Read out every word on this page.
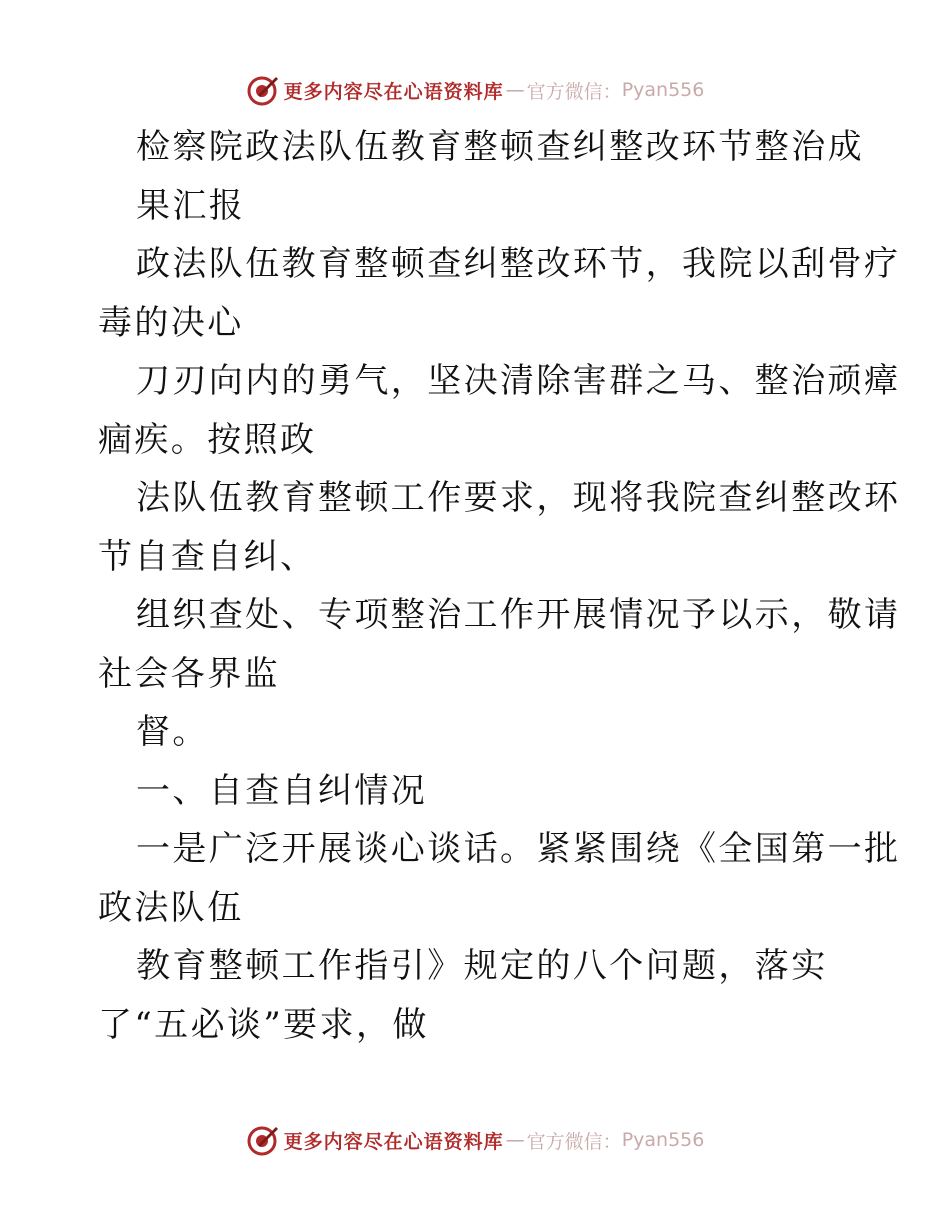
更多内容尽在心语资料库 — 官方微信： Pyan556
检察院政法队伍教育整顿查纠整改环节整治成
果汇报
政法队伍教育整顿查纠整改环节，我院以刮骨疗
毒的决心
刀刃向内的勇气，坚决清除害群之马、整治顽瘴
痼疾。按照政
法队伍教育整顿工作要求，现将我院查纠整改环
节自查自纠、
组织查处、专项整治工作开展情况予以示，敬请
社会各界监
督。
一、自查自纠情况
一是广泛开展谈心谈话。紧紧围绕《全国第一批
政法队伍
教育整顿工作指引》规定的八个问题，落实
了“五必谈”要求，做
更多内容尽在心语资料库 — 官方微信： Pyan556
